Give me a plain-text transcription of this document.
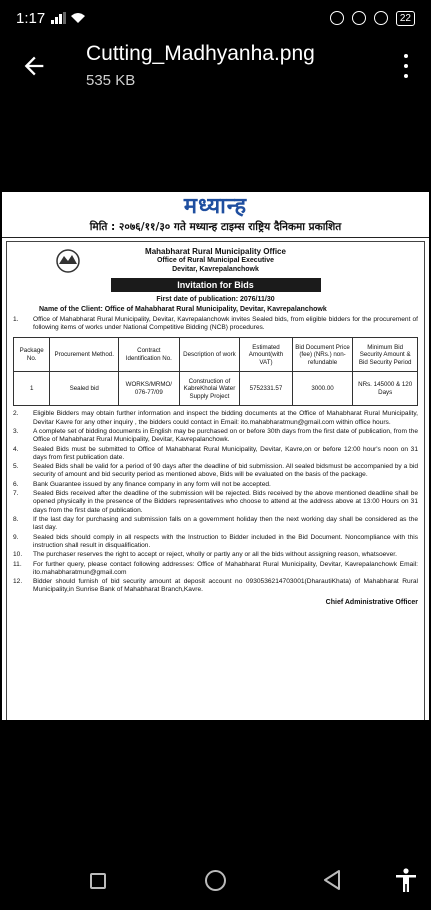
1:17	22
Cutting_Madhyanha.png
535 KB
मध्यान्ह
मिति : २०७६/११/३० गते मध्यान्ह टाइम्स राष्ट्रिय दैनिकमा प्रकाशित
Mahabharat Rural Municipality Office
Office of Rural Municipal Executive
Devitar, Kavrepalanchowk
Invitation for Bids
First date of publication: 2076/11/30
Name of the Client: Office of Mahabharat Rural Municipality, Devitar, Kavrepalanchowk
1.	Office of Mahabharat Rural Municipality, Devitar, Kavrepalanchowk invites Sealed bids, from eligible bidders for the procurement of following items of works under National Competitive Bidding (NCB) procedures.
Package No.	Procurement Method.	Contract Identification No.	Description of work	Estimated Amount(with VAT)	Bid Document Price (fee) (NRs.) non-refundable	Minimum Bid Security Amount & Bid Security Period
1	Sealed bid	WORKS/MRMO/ 076-77/09	Construction of KabreKholai Water Supply Project	5752331.57	3000.00	NRs. 145000 & 120 Days
2.	Eligible Bidders may obtain further information and inspect the bidding documents at the Office of Mahabharat Rural Municipality, Devitar Kavre for any other inquiry , the bidders could contact in Email: ito.mahabharatmun@gmail.com within office hours.
3.	A complete set of bidding documents in English may be purchased on or before 30th days from the first date of publication, from the Office of Mahabharat Rural Municipality, Devitar, Kavrepalanchowk.
4.	Sealed Bids must be submitted to Office of Mahabharat Rural Municipality, Devitar, Kavre,on or before 12:00 hour's noon on 31 days from first publication date.
5.	Sealed Bids shall be valid for a period of 90 days after the deadline of bid submission. All sealed bidsmust be accompanied by a bid security of amount and bid security period as mentioned above, Bids will be evaluated on the basis of the package.
6.	Bank Guarantee issued by any finance company in any form will not be accepted.
7.	Sealed Bids received after the deadline of the submission will be rejected. Bids received by the above mentioned deadline shall be opened physically in the presence of the Bidders representatives who choose to attend at the address above at 13:00 Hours on 31 days from the first date of publication.
8.	If the last day for purchasing and submission falls on a government holiday then the next working day shall be considered as the last day.
9.	Sealed bids should comply in all respects with the Instruction to Bidder included in the Bid Document. Noncompliance with this instruction shall result in disqualification.
10.	The purchaser reserves the right to accept or reject, wholly or partly any or all the bids without assigning reason, whatsoever.
11.	For further query, please contact following addresses: Office of Mahabharat Rural Municipality, Devitar, Kavrepalanchowk Email: ito.mahabharatmun@gmail.com
12.	Bidder should furnish of bid security amount at deposit account no 0930536214703001(DharautiKhata) of Mahabharat Rural Municipality,in Sunrise Bank of Mahabharat Branch,Kavre.
Chief Administrative Officer
